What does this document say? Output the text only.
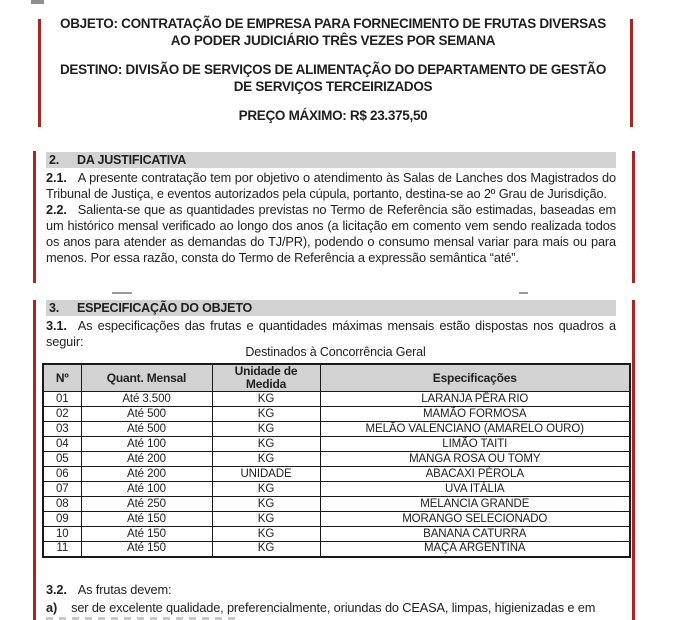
OBJETO: CONTRATAÇÃO DE EMPRESA PARA FORNECIMENTO DE FRUTAS DIVERSAS AO PODER JUDICIÁRIO TRÊS VEZES POR SEMANA

DESTINO: DIVISÃO DE SERVIÇOS DE ALIMENTAÇÃO DO DEPARTAMENTO DE GESTÃO DE SERVIÇOS TERCEIRIZADOS

PREÇO MÁXIMO: R$ 23.375,50

2. DA JUSTIFICATIVA

2.1. A presente contratação tem por objetivo o atendimento às Salas de Lanches dos Magistrados do Tribunal de Justiça, e eventos autorizados pela cúpula, portanto, destina-se ao 2º Grau de Jurisdição.

2.2. Salienta-se que as quantidades previstas no Termo de Referência são estimadas, baseadas em um histórico mensal verificado ao longo dos anos (a licitação em comento vem sendo realizada todos os anos para atender as demandas do TJ/PR), podendo o consumo mensal variar para mais ou para menos. Por essa razão, consta do Termo de Referência a expressão semântica “até”.

3. ESPECIFICAÇÃO DO OBJETO

3.1. As especificações das frutas e quantidades máximas mensais estão dispostas nos quadros a seguir:

Destinados à Concorrência Geral
Nº	Quant. Mensal	Unidade de Medida	Especificações
01	Até 3.500	KG	LARANJA PÊRA RIO
02	Até 500	KG	MAMÃO FORMOSA
03	Até 500	KG	MELÃO VALENCIANO (AMARELO OURO)
04	Até 100	KG	LIMÃO TAITI
05	Até 200	KG	MANGA ROSA OU TOMY
06	Até 200	UNIDADE	ABACAXI PÉROLA
07	Até 100	KG	UVA ITÁLIA
08	Até 250	KG	MELANCIA GRANDE
09	Até 150	KG	MORANGO SELECIONADO
10	Até 150	KG	BANANA CATURRA
11	Até 150	KG	MAÇÃ ARGENTINA

3.2. As frutas devem:

a) ser de excelente qualidade, preferencialmente, oriundas do CEASA, limpas, higienizadas e em
